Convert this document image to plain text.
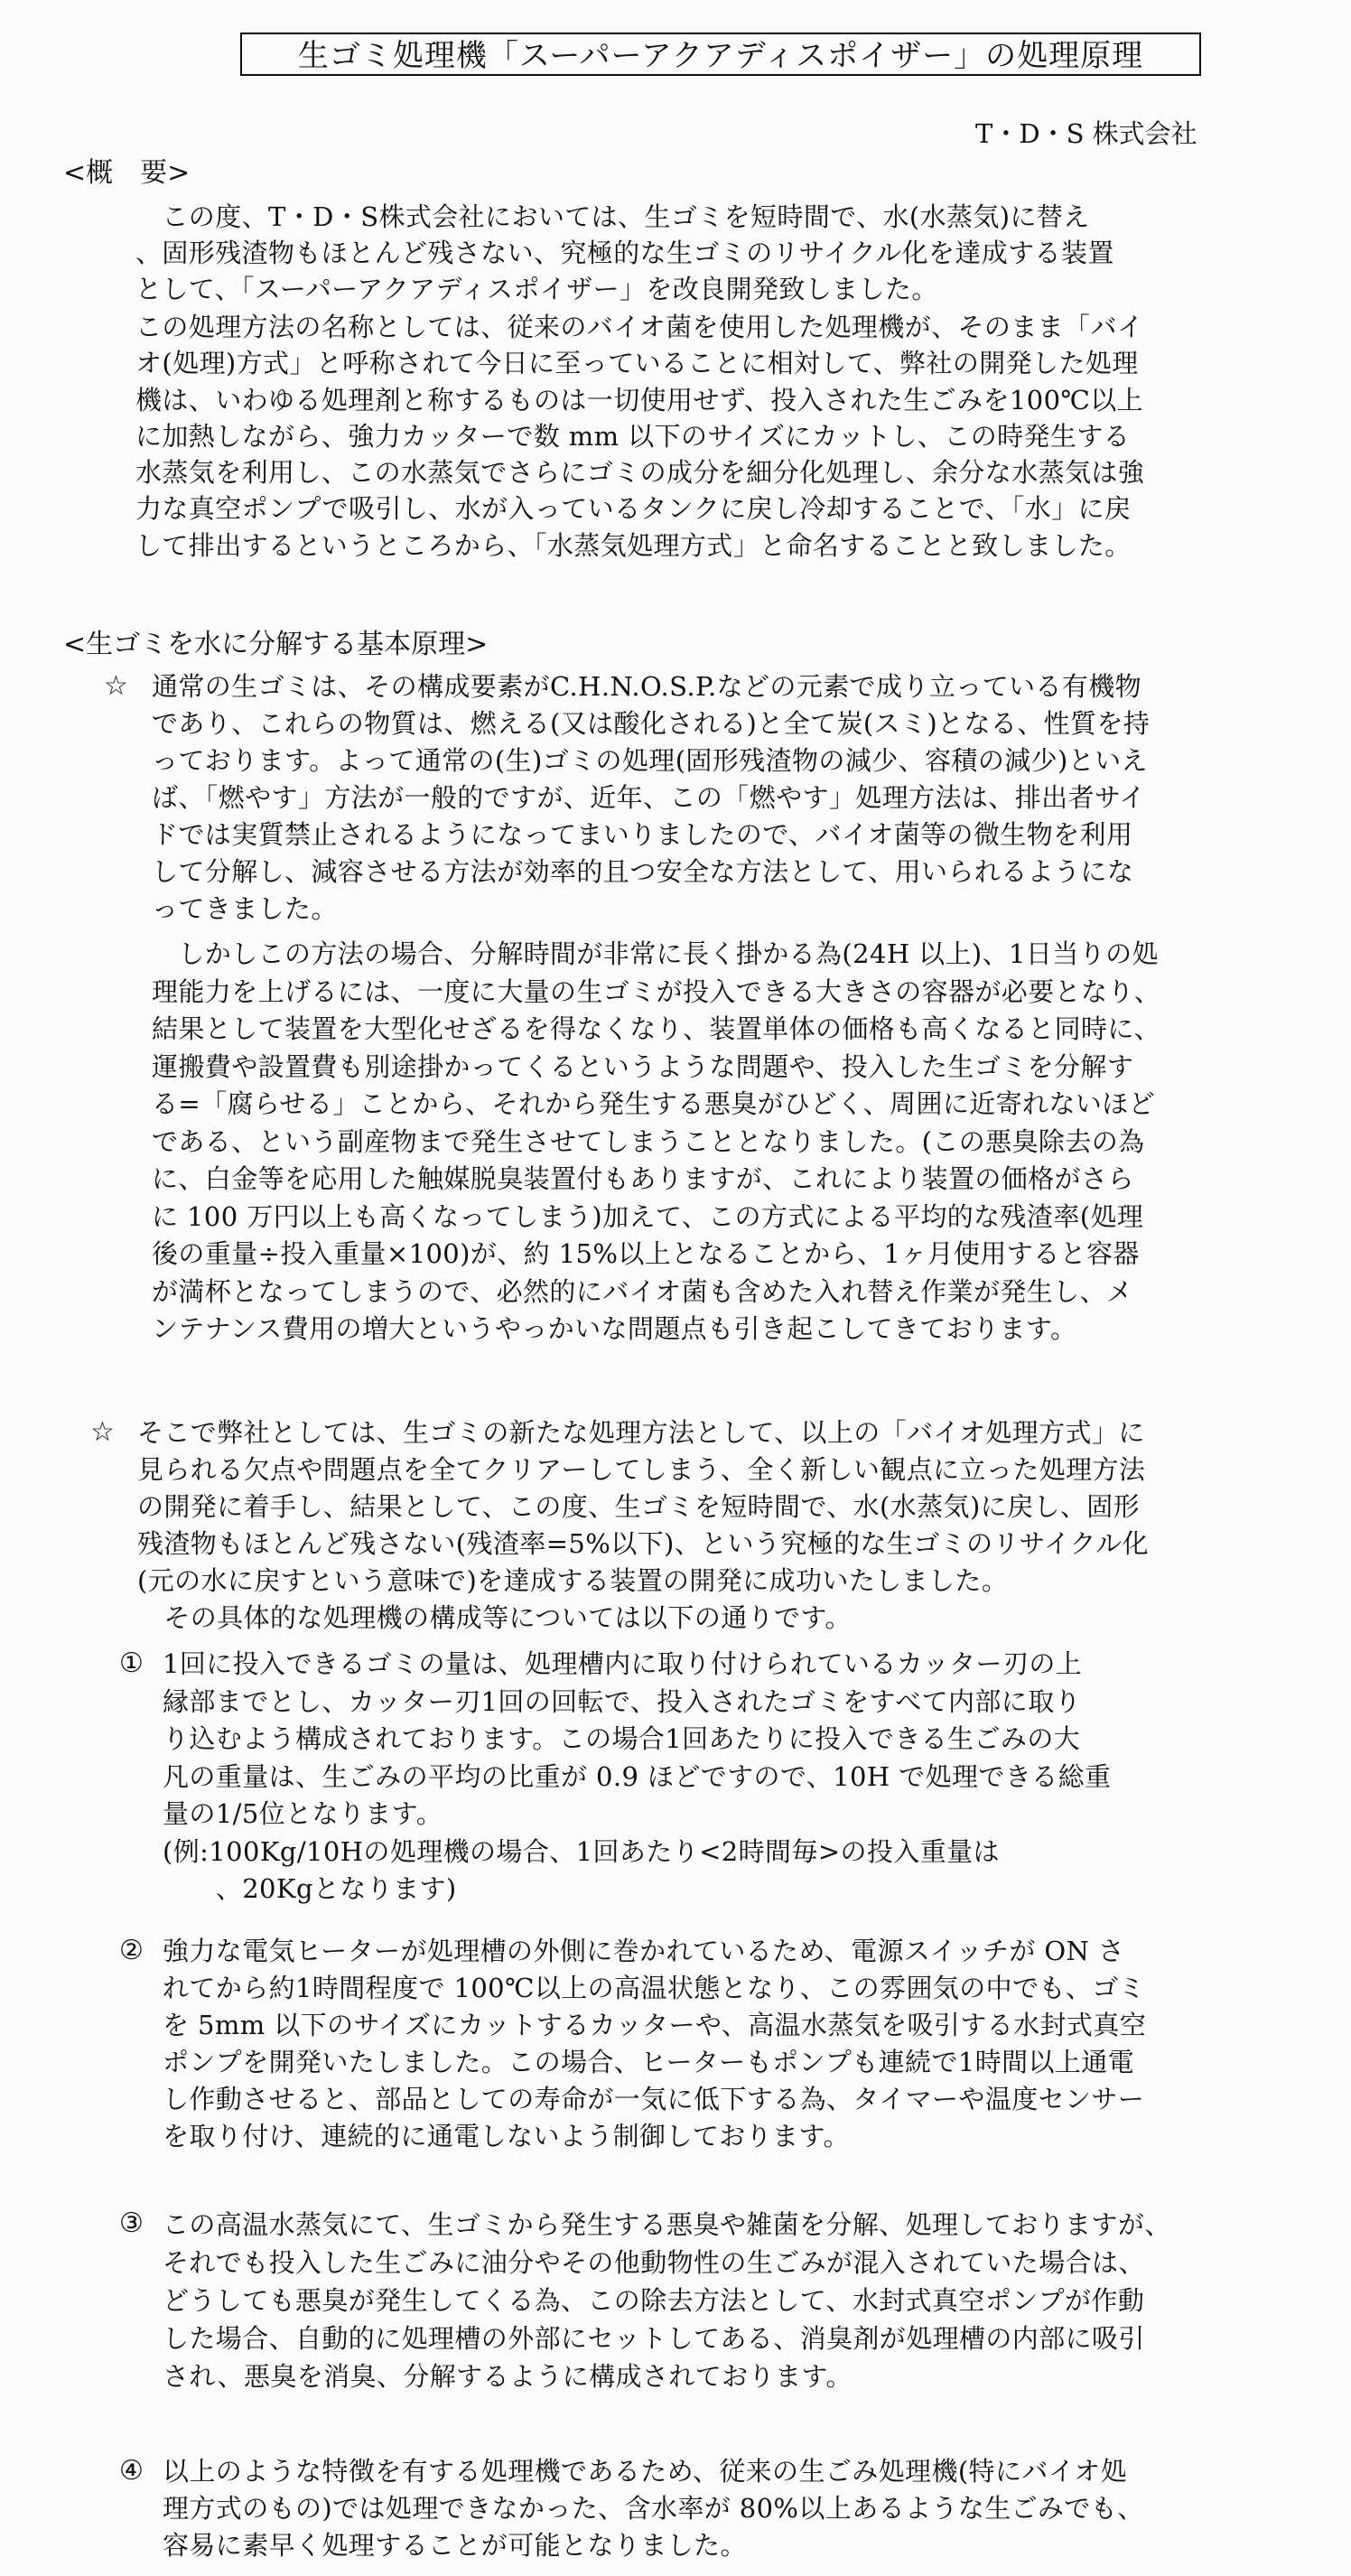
生ゴミ処理機「スーパーアクアディスポイザー」の処理原理
T・D・S 株式会社
<概　要>

　この度、T・D・S株式会社においては、生ゴミを短時間で、水(水蒸気)に替え
、固形残渣物もほとんど残さない、究極的な生ゴミのリサイクル化を達成する装置
として、「スーパーアクアディスポイザー」を改良開発致しました。

この処理方法の名称としては、従来のバイオ菌を使用した処理機が、そのまま「バイ
オ(処理)方式」と呼称されて今日に至っていることに相対して、弊社の開発した処理
機は、いわゆる処理剤と称するものは一切使用せず、投入された生ごみを100℃以上
に加熱しながら、強力カッターで数 mm 以下のサイズにカットし、この時発生する
水蒸気を利用し、この水蒸気でさらにゴミの成分を細分化処理し、余分な水蒸気は強
力な真空ポンプで吸引し、水が入っているタンクに戻し冷却することで、「水」に戻
して排出するというところから、「水蒸気処理方式」と命名することと致しました。

<生ゴミを水に分解する基本原理>
☆ 通常の生ゴミは、その構成要素がC.H.N.O.S.P.などの元素で成り立っている有機物
であり、これらの物質は、燃える(又は酸化される)と全て炭(スミ)となる、性質を持
っております。よって通常の(生)ゴミの処理(固形残渣物の減少、容積の減少)といえ
ば、「燃やす」方法が一般的ですが、近年、この「燃やす」処理方法は、排出者サイ
ドでは実質禁止されるようになってまいりましたので、バイオ菌等の微生物を利用
して分解し、減容させる方法が効率的且つ安全な方法として、用いられるようにな
ってきました。

　しかしこの方法の場合、分解時間が非常に長く掛かる為(24H 以上)、1日当りの処
理能力を上げるには、一度に大量の生ゴミが投入できる大きさの容器が必要となり、
結果として装置を大型化せざるを得なくなり、装置単体の価格も高くなると同時に、
運搬費や設置費も別途掛かってくるというような問題や、投入した生ゴミを分解す
る=「腐らせる」ことから、それから発生する悪臭がひどく、周囲に近寄れないほど
である、という副産物まで発生させてしまうこととなりました。(この悪臭除去の為
に、白金等を応用した触媒脱臭装置付もありますが、これにより装置の価格がさら
に 100 万円以上も高くなってしまう)加えて、この方式による平均的な残渣率(処理
後の重量÷投入重量×100)が、約 15%以上となることから、1ヶ月使用すると容器
が満杯となってしまうので、必然的にバイオ菌も含めた入れ替え作業が発生し、メ
ンテナンス費用の増大というやっかいな問題点も引き起こしてきております。

☆ そこで弊社としては、生ゴミの新たな処理方法として、以上の「バイオ処理方式」に
見られる欠点や問題点を全てクリアーしてしまう、全く新しい観点に立った処理方法
の開発に着手し、結果として、この度、生ゴミを短時間で、水(水蒸気)に戻し、固形
残渣物もほとんど残さない(残渣率=5%以下)、という究極的な生ゴミのリサイクル化
(元の水に戻すという意味で)を達成する装置の開発に成功いたしました。
　その具体的な処理機の構成等については以下の通りです。

① 1回に投入できるゴミの量は、処理槽内に取り付けられているカッター刃の上
縁部までとし、カッター刃1回の回転で、投入されたゴミをすべて内部に取り
り込むよう構成されております。この場合1回あたりに投入できる生ごみの大
凡の重量は、生ごみの平均の比重が 0.9 ほどですので、10H で処理できる総重
量の1/5位となります。
(例:100Kg/10Hの処理機の場合、1回あたり<2時間毎>の投入重量は
　　、20Kgとなります)

② 強力な電気ヒーターが処理槽の外側に巻かれているため、電源スイッチが ON さ
れてから約1時間程度で 100℃以上の高温状態となり、この雰囲気の中でも、ゴミ
を 5mm 以下のサイズにカットするカッターや、高温水蒸気を吸引する水封式真空
ポンプを開発いたしました。この場合、ヒーターもポンプも連続で1時間以上通電
し作動させると、部品としての寿命が一気に低下する為、タイマーや温度センサー
を取り付け、連続的に通電しないよう制御しております。

③ この高温水蒸気にて、生ゴミから発生する悪臭や雑菌を分解、処理しておりますが、
それでも投入した生ごみに油分やその他動物性の生ごみが混入されていた場合は、
どうしても悪臭が発生してくる為、この除去方法として、水封式真空ポンプが作動
した場合、自動的に処理槽の外部にセットしてある、消臭剤が処理槽の内部に吸引
され、悪臭を消臭、分解するように構成されております。

④ 以上のような特徴を有する処理機であるため、従来の生ごみ処理機(特にバイオ処
理方式のもの)では処理できなかった、含水率が 80%以上あるような生ごみでも、
容易に素早く処理することが可能となりました。
